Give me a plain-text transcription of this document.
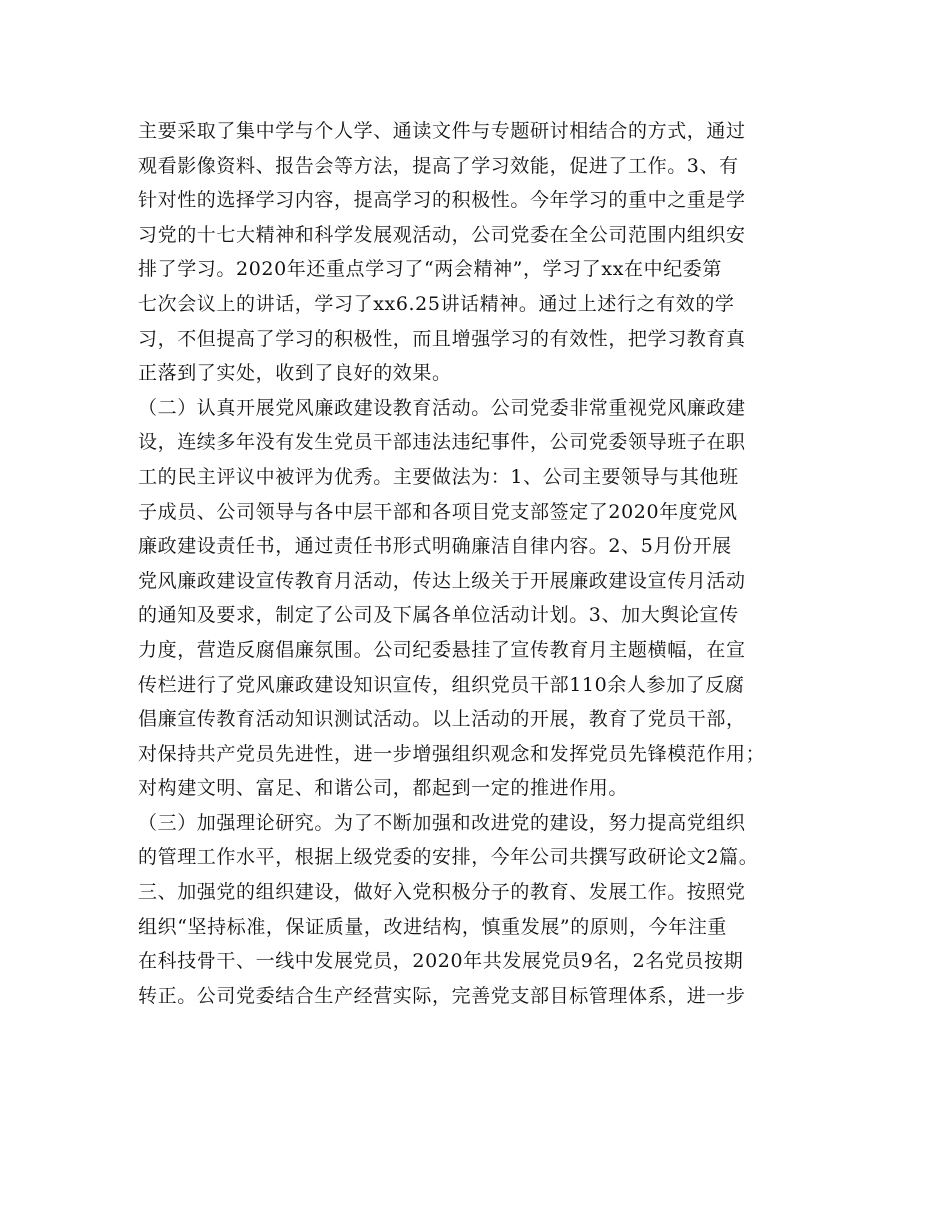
主要采取了集中学与个人学、通读文件与专题研讨相结合的方式，通过
观看影像资料、报告会等方法，提高了学习效能，促进了工作。3、有
针对性的选择学习内容，提高学习的积极性。今年学习的重中之重是学
习党的十七大精神和科学发展观活动，公司党委在全公司范围内组织安
排了学习。2020年还重点学习了“两会精神”，学习了xx在中纪委第
七次会议上的讲话，学习了xx6.25讲话精神。通过上述行之有效的学
习，不但提高了学习的积极性，而且增强学习的有效性，把学习教育真
正落到了实处，收到了良好的效果。
（二）认真开展党风廉政建设教育活动。公司党委非常重视党风廉政建
设，连续多年没有发生党员干部违法违纪事件，公司党委领导班子在职
工的民主评议中被评为优秀。主要做法为：1、公司主要领导与其他班
子成员、公司领导与各中层干部和各项目党支部签定了2020年度党风
廉政建设责任书，通过责任书形式明确廉洁自律内容。2、5月份开展
党风廉政建设宣传教育月活动，传达上级关于开展廉政建设宣传月活动
的通知及要求，制定了公司及下属各单位活动计划。3、加大舆论宣传
力度，营造反腐倡廉氛围。公司纪委悬挂了宣传教育月主题横幅，在宣
传栏进行了党风廉政建设知识宣传，组织党员干部110余人参加了反腐
倡廉宣传教育活动知识测试活动。以上活动的开展，教育了党员干部，
对保持共产党员先进性，进一步增强组织观念和发挥党员先锋模范作用；
对构建文明、富足、和谐公司，都起到一定的推进作用。
（三）加强理论研究。为了不断加强和改进党的建设，努力提高党组织
的管理工作水平，根据上级党委的安排，今年公司共撰写政研论文2篇。
三、加强党的组织建设，做好入党积极分子的教育、发展工作。按照党
组织“坚持标准，保证质量，改进结构，慎重发展”的原则，今年注重
在科技骨干、一线中发展党员，2020年共发展党员9名，2名党员按期
转正。公司党委结合生产经营实际，完善党支部目标管理体系，进一步
